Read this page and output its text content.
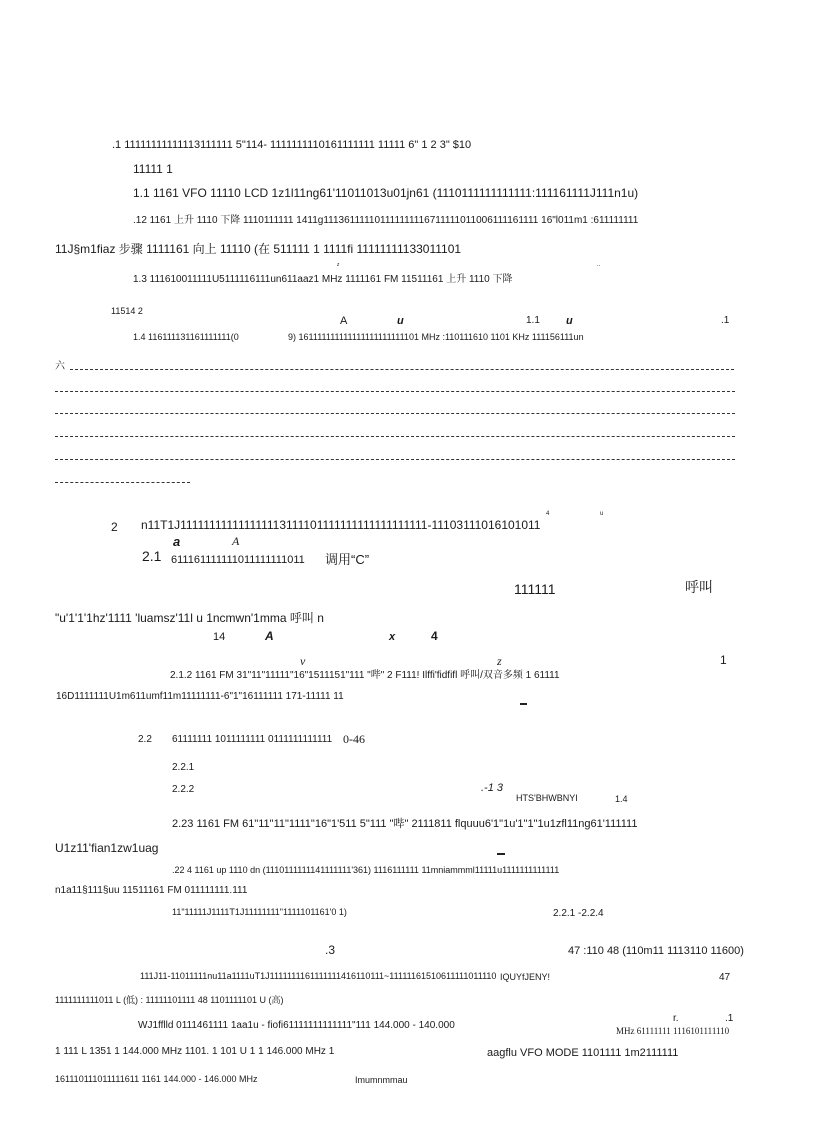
.1 11111111111113111111 5"114- 1111111110161111111 11111 6" 1 2 3" $10
11111 1
1.1 1161 VFO 11110 LCD 1z1l11ng61'11011013u01jn61 (1110111111111111:111161111J111n1u)
.12 1161 上升 1110 下降 1110111111 1411g111361111101111111116711111011006111161111 16"l011m1 :611111111
11J§m1fiaz 步骤 1111161 向上 11110 (在 511111 1 1111fi 11111111133011101
z	..
1.3 111610011111U5111116111un611aaz1 MHz 1111161 FM 11511161 上升 1110 下降
11514 2
A	u	1.1 u	.1
1.4 116111131161111111(0	9) 161111111111111111111111101 MHz :110111610 1101 KHz 111156111un
六
2 n11T1J111111111111111113111101111111111111111111-11103111016101011
4	u
a	A
2.1 611161111111011111111011 调用“C”
111111	呼叫
"u'1'1'1hz'1111 'luamsz'11l u 1ncmwn'1mma 呼叫 n
14	A	x	4
v	z	1
2.1.2 1161 FM 31"11"11111"16"1511151"111 "哔" 2 F111! Ilffi'fidfifl 呼叫/双音多频 1 61111
16D1111111U1m611umf11m11111111-6"1"16111111 171-11111 11
2.2 61111111 1011111111 0111111111111 0-46
2.2.1
2.2.2	.-1 3
HTS'BHWBNYI	1.4
2.23 1161 FM 61"11"11"1111"16"1'511 5"111 "哔" 2111811 flquuu6'1"1u'1"1"1u1zfl11ng61'111111
U1z11'fian1zw1uag
.22 4 1161 up 1110 dn (1110111111141111111'361) 1116111111 11mniammml11111u1111111111111
n1a11§111§uu 11511161 FM 011111111.111
11"11111J1111T1J11111111"1111101161'0 1)	2.2.1 -2.2.4
.3	47 :110 48 (110m11 1113110 11600)
111J11-11011111nu11a1111uT1J1111111161111111416110111~11111161510611111011110 IQUYfJENY!	47
1111111111011 L (低) : 11111101111 48 1101111101 U (高)
r.	.1
WJ1fflld 0111461111 1aa1u - fiofi61111111111111"111 144.000 - 140.000	MHz 61111111 1116101111110
1 111 L 1351 1 144.000 MHz 1101. 1 101 U 1 1 146.000 MHz 1	aagflu VFO MODE 1101111 1m2111111
161110111011111611 1161 144.000 - 146.000 MHz	Imumnmmau
